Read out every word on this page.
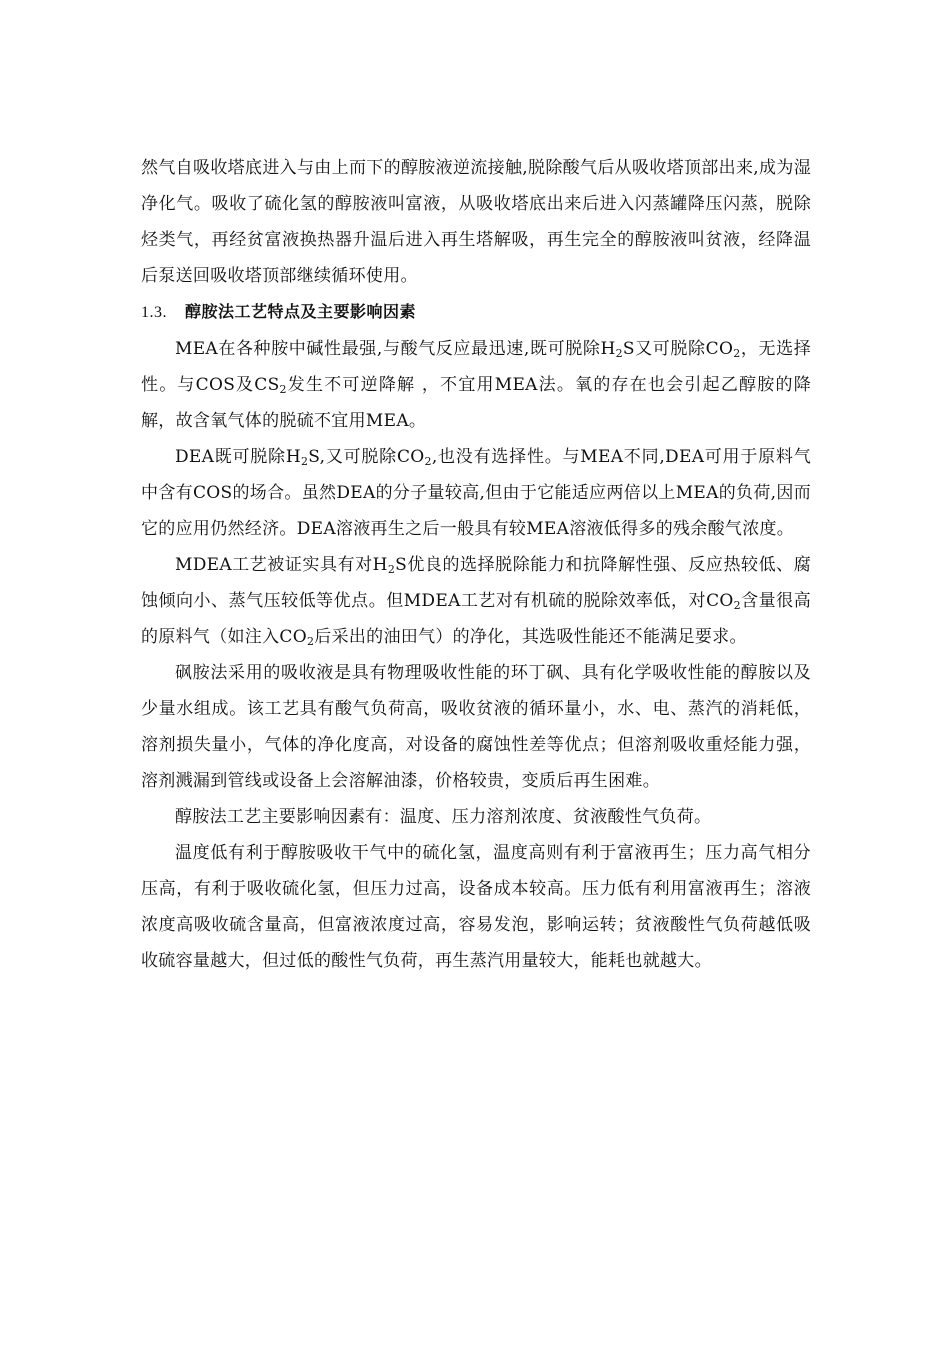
然气自吸收塔底进入与由上而下的醇胺液逆流接触,脱除酸气后从吸收塔顶部出来,成为湿净化气。吸收了硫化氢的醇胺液叫富液，从吸收塔底出来后进入闪蒸罐降压闪蒸，脱除烃类气，再经贫富液换热器升温后进入再生塔解吸，再生完全的醇胺液叫贫液，经降温后泵送回吸收塔顶部继续循环使用。

1.3. 醇胺法工艺特点及主要影响因素

MEA在各种胺中碱性最强,与酸气反应最迅速,既可脱除$H_2S$又可脱除$CO_2$，无选择性。与COS及$CS_2$发生不可逆降解 ，不宜用MEA法。氧的存在也会引起乙醇胺的降解，故含氧气体的脱硫不宜用MEA。

DEA既可脱除$H_2S$,又可脱除$CO_2$,也没有选择性。与MEA不同,DEA可用于原料气中含有COS的场合。虽然DEA的分子量较高,但由于它能适应两倍以上MEA的负荷,因而它的应用仍然经济。DEA溶液再生之后一般具有较MEA溶液低得多的残余酸气浓度。

MDEA工艺被证实具有对$H_2S$优良的选择脱除能力和抗降解性强、反应热较低、腐蚀倾向小、蒸气压较低等优点。但MDEA工艺对有机硫的脱除效率低，对$CO_2$含量很高的原料气（如注入$CO_2$后采出的油田气）的净化，其选吸性能还不能满足要求。

砜胺法采用的吸收液是具有物理吸收性能的环丁砜、具有化学吸收性能的醇胺以及少量水组成。该工艺具有酸气负荷高，吸收贫液的循环量小，水、电、蒸汽的消耗低，溶剂损失量小，气体的净化度高，对设备的腐蚀性差等优点；但溶剂吸收重烃能力强，溶剂溅漏到管线或设备上会溶解油漆，价格较贵，变质后再生困难。

醇胺法工艺主要影响因素有：温度、压力溶剂浓度、贫液酸性气负荷。

温度低有利于醇胺吸收干气中的硫化氢，温度高则有利于富液再生；压力高气相分压高，有利于吸收硫化氢，但压力过高，设备成本较高。压力低有利用富液再生；溶液浓度高吸收硫含量高，但富液浓度过高，容易发泡，影响运转；贫液酸性气负荷越低吸收硫容量越大，但过低的酸性气负荷，再生蒸汽用量较大，能耗也就越大。
